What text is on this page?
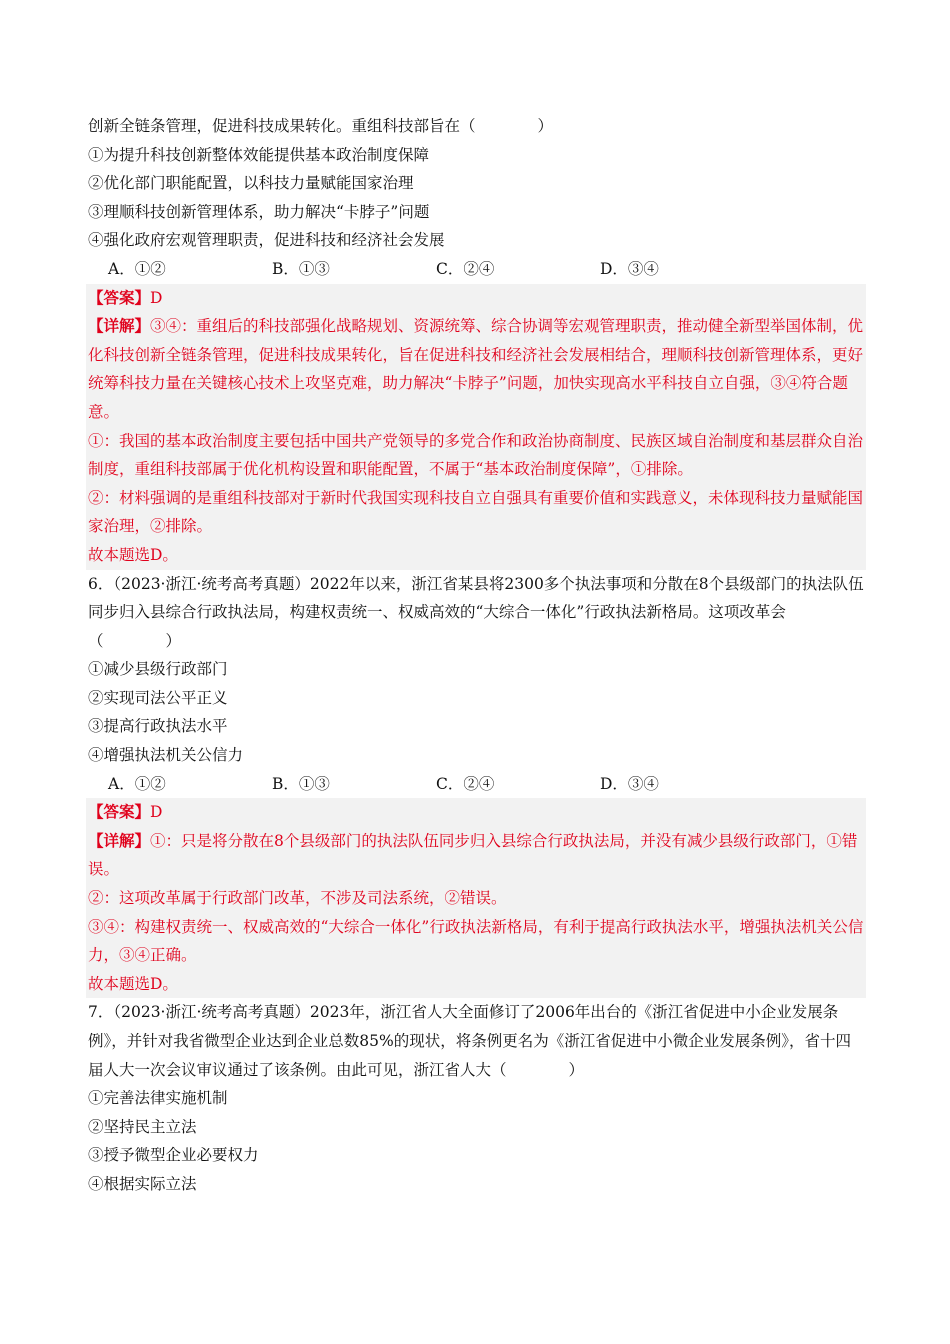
创新全链条管理，促进科技成果转化。重组科技部旨在（　　　　）
①为提升科技创新整体效能提供基本政治制度保障
②优化部门职能配置，以科技力量赋能国家治理
③理顺科技创新管理体系，助力解决“卡脖子”问题
④强化政府宏观管理职责，促进科技和经济社会发展
A．①②	B．①③	C．②④	D．③④
【答案】D
【详解】③④：重组后的科技部强化战略规划、资源统筹、综合协调等宏观管理职责，推动健全新型举国体制，优化科技创新全链条管理，促进科技成果转化，旨在促进科技和经济社会发展相结合，理顺科技创新管理体系，更好统筹科技力量在关键核心技术上攻坚克难，助力解决“卡脖子”问题，加快实现高水平科技自立自强，③④符合题意。
①：我国的基本政治制度主要包括中国共产党领导的多党合作和政治协商制度、民族区域自治制度和基层群众自治制度，重组科技部属于优化机构设置和职能配置，不属于“基本政治制度保障”，①排除。
②：材料强调的是重组科技部对于新时代我国实现科技自立自强具有重要价值和实践意义，未体现科技力量赋能国家治理，②排除。
故本题选D。
6．（2023·浙江·统考高考真题）2022年以来，浙江省某县将2300多个执法事项和分散在8个县级部门的执法队伍同步归入县综合行政执法局，构建权责统一、权威高效的“大综合一体化”行政执法新格局。这项改革会（　　　　）
①减少县级行政部门
②实现司法公平正义
③提高行政执法水平
④增强执法机关公信力
A．①②	B．①③	C．②④	D．③④
【答案】D
【详解】①：只是将分散在8个县级部门的执法队伍同步归入县综合行政执法局，并没有减少县级行政部门，①错误。
②：这项改革属于行政部门改革，不涉及司法系统，②错误。
③④：构建权责统一、权威高效的“大综合一体化”行政执法新格局，有利于提高行政执法水平，增强执法机关公信力，③④正确。
故本题选D。
7．（2023·浙江·统考高考真题）2023年，浙江省人大全面修订了2006年出台的《浙江省促进中小企业发展条例》，并针对我省微型企业达到企业总数85%的现状，将条例更名为《浙江省促进中小微企业发展条例》，省十四届人大一次会议审议通过了该条例。由此可见，浙江省人大（　　　　）
①完善法律实施机制
②坚持民主立法
③授予微型企业必要权力
④根据实际立法
